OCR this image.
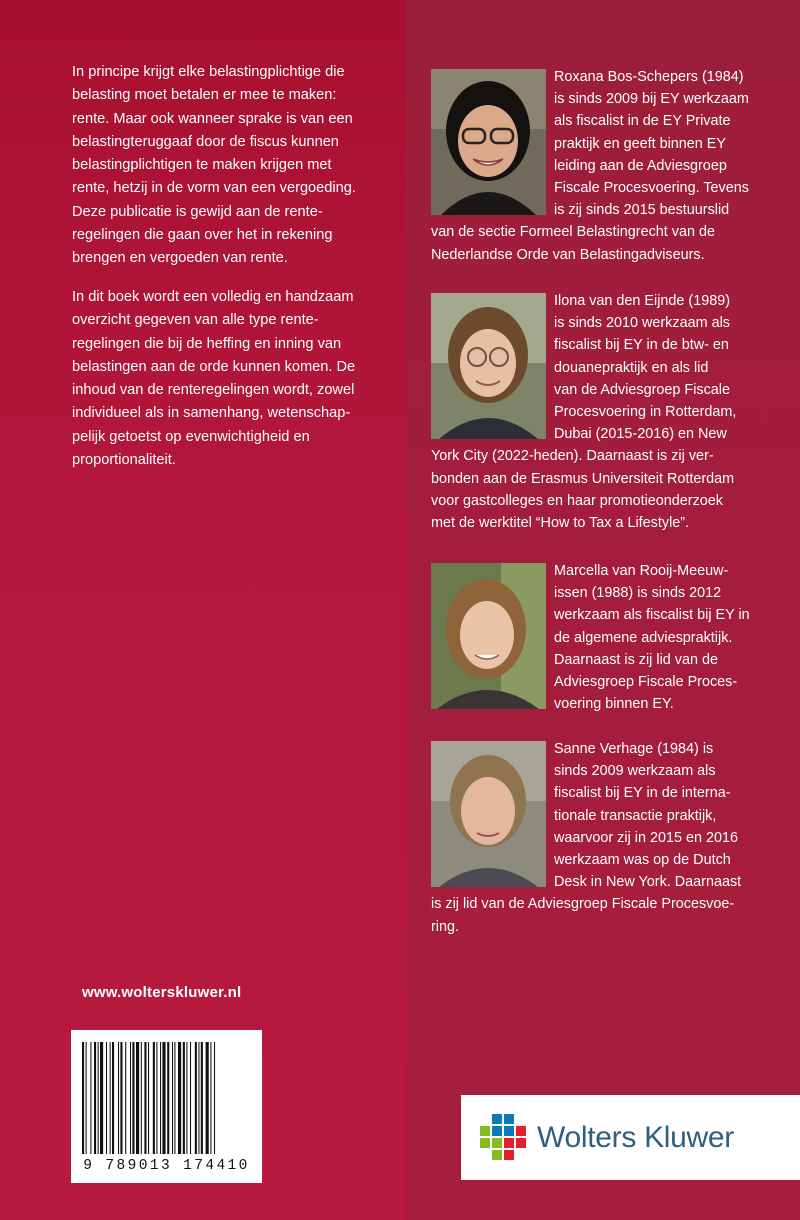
In principe krijgt elke belastingplichtige die
belasting moet betalen er mee te maken:
rente. Maar ook wanneer sprake is van een
belastingteruggaaf door de fiscus kunnen
belastingplichtigen te maken krijgen met
rente, hetzij in de vorm van een vergoeding.
Deze publicatie is gewijd aan de rente-
regelingen die gaan over het in rekening
brengen en vergoeden van rente.
In dit boek wordt een volledig en handzaam
overzicht gegeven van alle type rente-
regelingen die bij de heffing en inning van
belastingen aan de orde kunnen komen. De
inhoud van de renteregelingen wordt, zowel
individueel als in samenhang, wetenschap-
pelijk getoetst op evenwichtigheid en
proportionaliteit.
www.wolterskluwer.nl
9 789013 174410
Roxana Bos-Schepers (1984)
is sinds 2009 bij EY werkzaam
als fiscalist in de EY Private
praktijk en geeft binnen EY
leiding aan de Adviesgroep
Fiscale Procesvoering. Tevens
is zij sinds 2015 bestuurslid
van de sectie Formeel Belastingrecht van de
Nederlandse Orde van Belastingadviseurs.
Ilona van den Eijnde (1989)
is sinds 2010 werkzaam als
fiscalist bij EY in de btw- en
douanepraktijk en als lid
van de Adviesgroep Fiscale
Procesvoering in Rotterdam,
Dubai (2015-2016) en New
York City (2022-heden). Daarnaast is zij ver-
bonden aan de Erasmus Universiteit Rotterdam
voor gastcolleges en haar promotieonderzoek
met de werktitel “How to Tax a Lifestyle”.
Marcella van Rooij-Meeuw-
issen (1988) is sinds 2012
werkzaam als fiscalist bij EY in
de algemene adviespraktijk.
Daarnaast is zij lid van de
Adviesgroep Fiscale Proces-
voering binnen EY.
Sanne Verhage (1984) is
sinds 2009 werkzaam als
fiscalist bij EY in de interna-
tionale transactie praktijk,
waarvoor zij in 2015 en 2016
werkzaam was op de Dutch
Desk in New York. Daarnaast
is zij lid van de Adviesgroep Fiscale Procesvoe-
ring.
Wolters Kluwer
